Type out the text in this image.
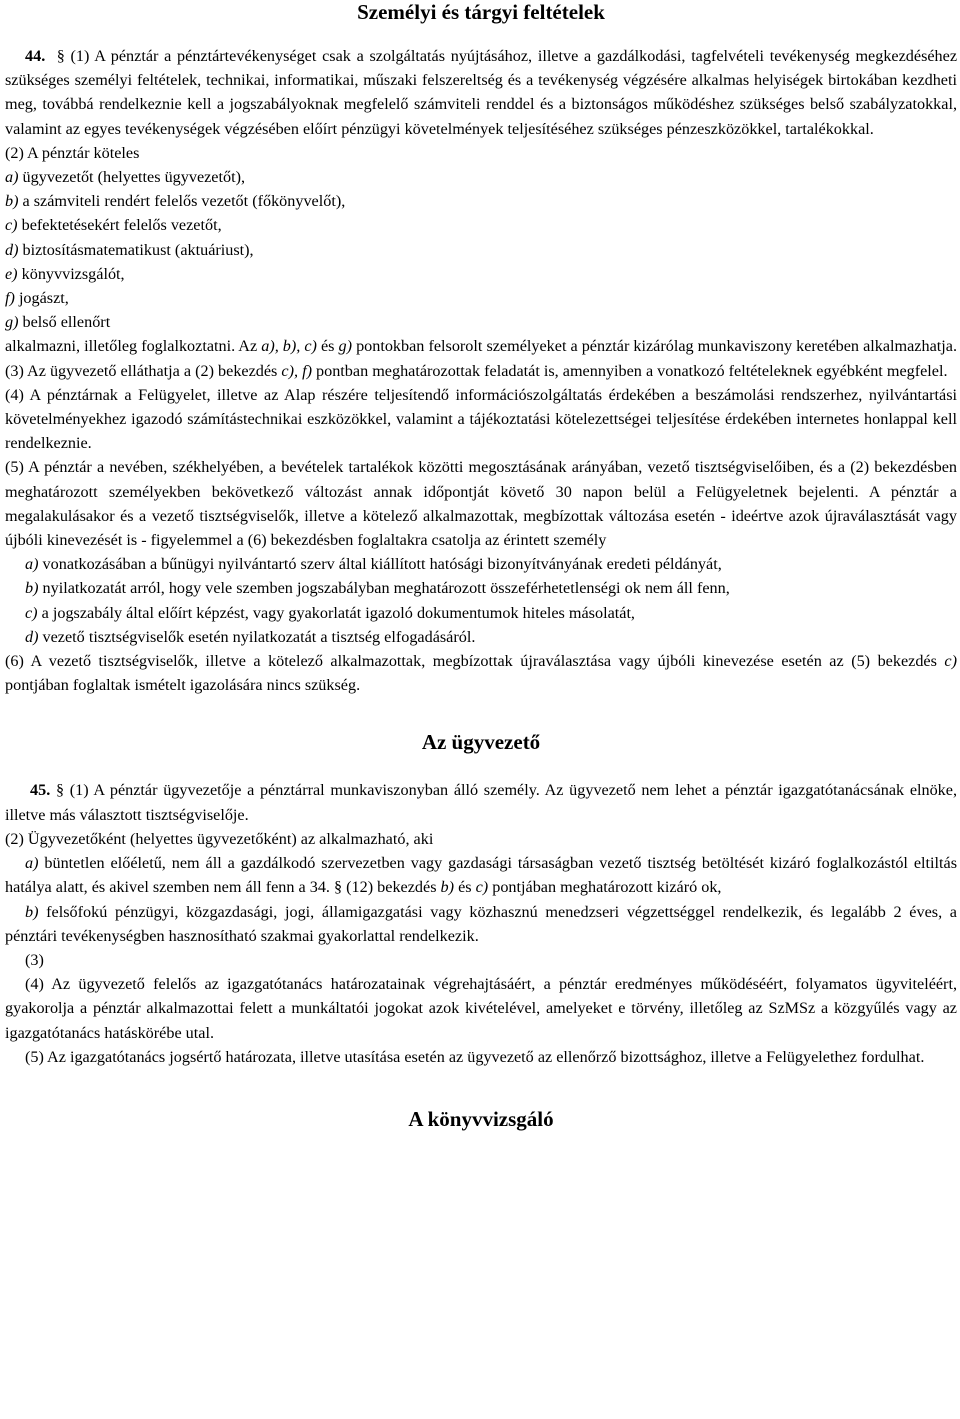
Személyi és tárgyi feltételek

44. § (1) A pénztár a pénztártevékenységet csak a szolgáltatás nyújtásához, illetve a gazdálkodási, tagfelvételi tevékenység megkezdéséhez szükséges személyi feltételek, technikai, informatikai, műszaki felszereltség és a tevékenység végzésére alkalmas helyiségek birtokában kezdheti meg, továbbá rendelkeznie kell a jogszabályoknak megfelelő számviteli renddel és a biztonságos működéshez szükséges belső szabályzatokkal, valamint az egyes tevékenységek végzésében előírt pénzügyi követelmények teljesítéséhez szükséges pénzeszközökkel, tartalékokkal.

(2) A pénztár köteles

a) ügyvezetőt (helyettes ügyvezetőt),

b) a számviteli rendért felelős vezetőt (főkönyvelőt),

c) befektetésekért felelős vezetőt,

d) biztosításmatematikust (aktuáriust),

e) könyvvizsgálót,

f) jogászt,

g) belső ellenőrt

alkalmazni, illetőleg foglalkoztatni. Az a), b), c) és g) pontokban felsorolt személyeket a pénztár kizárólag munkaviszony keretében alkalmazhatja.

(3) Az ügyvezető elláthatja a (2) bekezdés c), f) pontban meghatározottak feladatát is, amennyiben a vonatkozó feltételeknek egyébként megfelel.

(4) A pénztárnak a Felügyelet, illetve az Alap részére teljesítendő információszolgáltatás érdekében a beszámolási rendszerhez, nyilvántartási követelményekhez igazodó számítástechnikai eszközökkel, valamint a tájékoztatási kötelezettségei teljesítése érdekében internetes honlappal kell rendelkeznie.

(5) A pénztár a nevében, székhelyében, a bevételek tartalékok közötti megosztásának arányában, vezető tisztségviselőiben, és a (2) bekezdésben meghatározott személyekben bekövetkező változást annak időpontját követő 30 napon belül a Felügyeletnek bejelenti. A pénztár a megalakulásakor és a vezető tisztségviselők, illetve a kötelező alkalmazottak, megbízottak változása esetén - ideértve azok újraválasztását vagy újbóli kinevezését is - figyelemmel a (6) bekezdésben foglaltakra csatolja az érintett személy

a) vonatkozásában a bűnügyi nyilvántartó szerv által kiállított hatósági bizonyítványának eredeti példányát,

b) nyilatkozatát arról, hogy vele szemben jogszabályban meghatározott összeférhetetlenségi ok nem áll fenn,

c) a jogszabály által előírt képzést, vagy gyakorlatát igazoló dokumentumok hiteles másolatát,

d) vezető tisztségviselők esetén nyilatkozatát a tisztség elfogadásáról.

(6) A vezető tisztségviselők, illetve a kötelező alkalmazottak, megbízottak újraválasztása vagy újbóli kinevezése esetén az (5) bekezdés c) pontjában foglaltak ismételt igazolására nincs szükség.

Az ügyvezető

45. § (1) A pénztár ügyvezetője a pénztárral munkaviszonyban álló személy. Az ügyvezető nem lehet a pénztár igazgatótanácsának elnöke, illetve más választott tisztségviselője.

(2) Ügyvezetőként (helyettes ügyvezetőként) az alkalmazható, aki

a) büntetlen előéletű, nem áll a gazdálkodó szervezetben vagy gazdasági társaságban vezető tisztség betöltését kizáró foglalkozástól eltiltás hatálya alatt, és akivel szemben nem áll fenn a 34. § (12) bekezdés b) és c) pontjában meghatározott kizáró ok,

b) felsőfokú pénzügyi, közgazdasági, jogi, államigazgatási vagy közhasznú menedzseri végzettséggel rendelkezik, és legalább 2 éves, a pénztári tevékenységben hasznosítható szakmai gyakorlattal rendelkezik.

(3)

(4) Az ügyvezető felelős az igazgatótanács határozatainak végrehajtásáért, a pénztár eredményes működéséért, folyamatos ügyviteléért, gyakorolja a pénztár alkalmazottai felett a munkáltatói jogokat azok kivételével, amelyeket e törvény, illetőleg az SzMSz a közgyűlés vagy az igazgatótanács hatáskörébe utal.

(5) Az igazgatótanács jogsértő határozata, illetve utasítása esetén az ügyvezető az ellenőrző bizottsághoz, illetve a Felügyelethez fordulhat.

A könyvvizsgáló
